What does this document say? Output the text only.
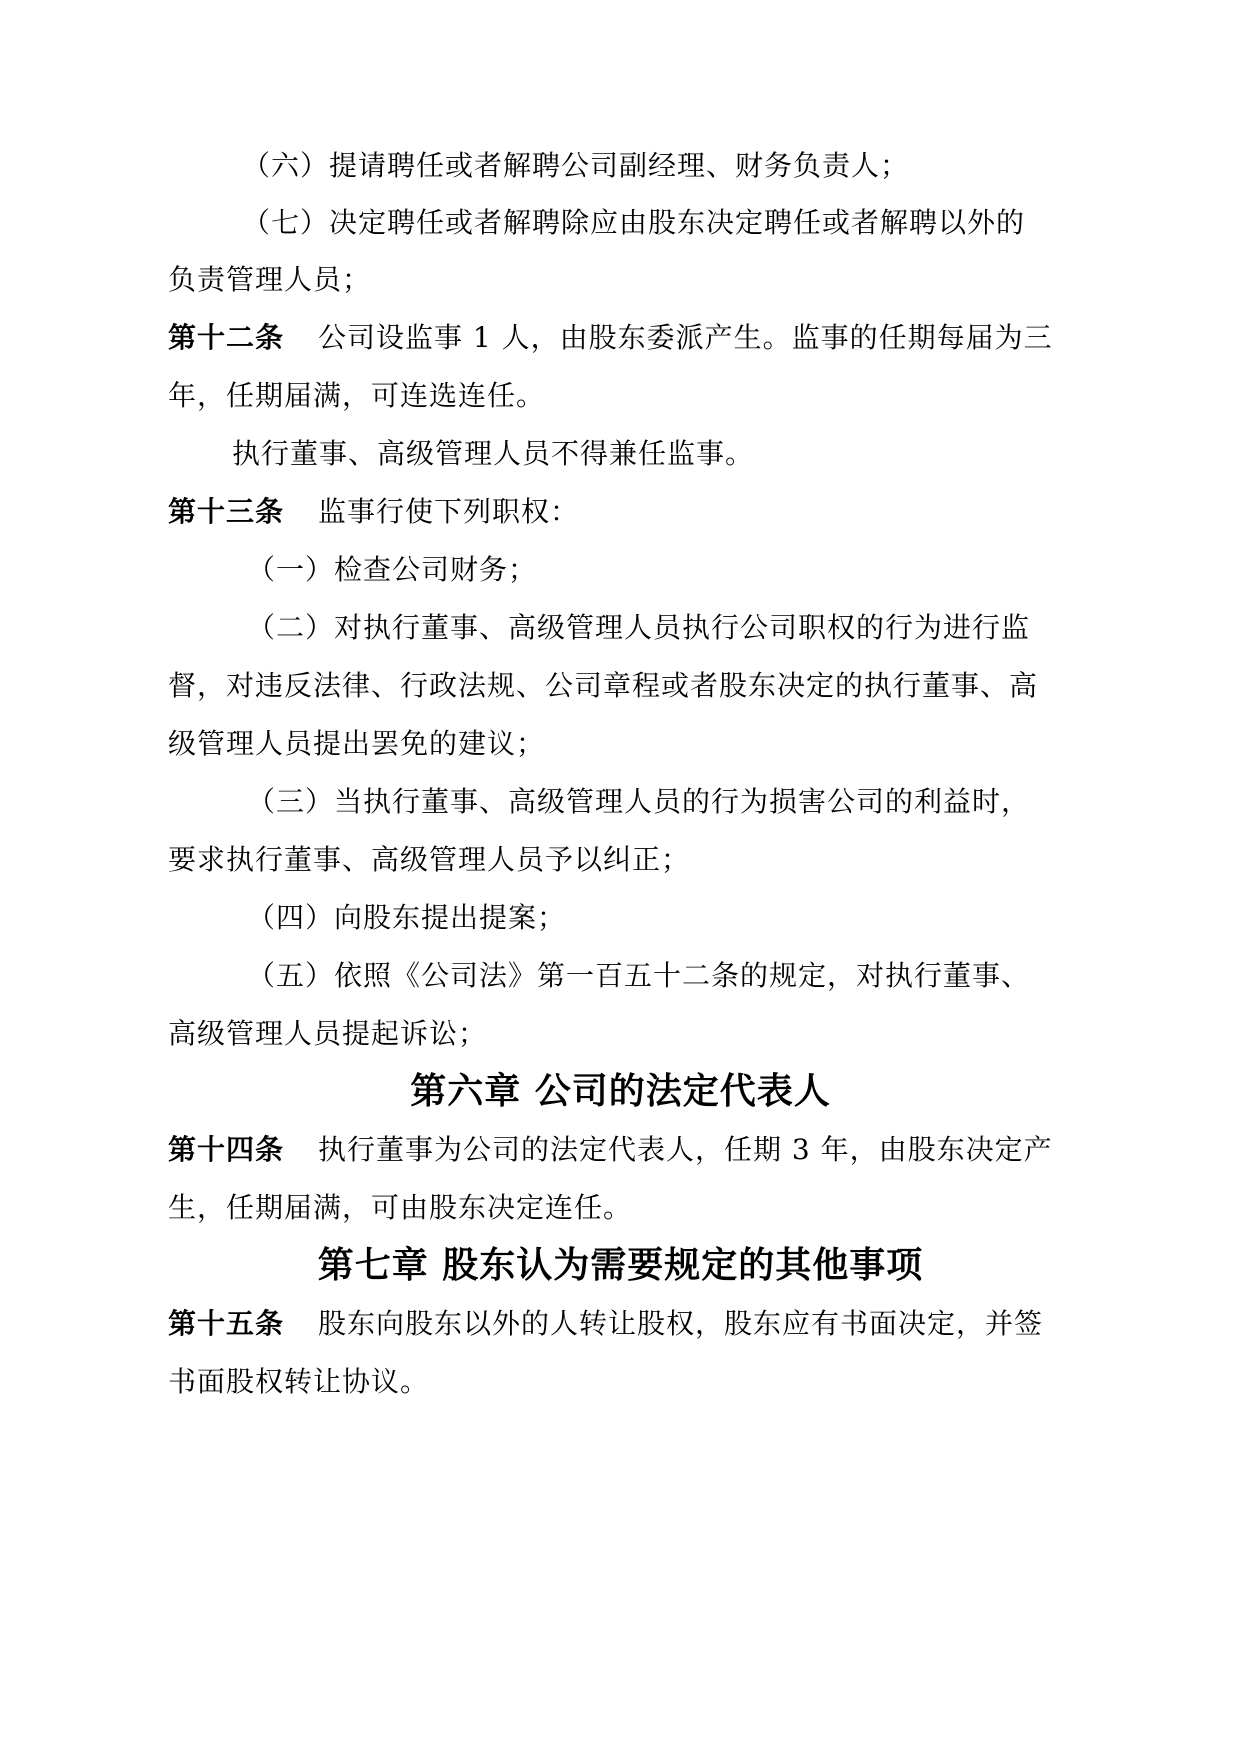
（六）提请聘任或者解聘公司副经理、财务负责人；
（七）决定聘任或者解聘除应由股东决定聘任或者解聘以外的
负责管理人员；
第十二条 公司设监事 1 人，由股东委派产生。监事的任期每届为三
年，任期届满，可连选连任。
执行董事、高级管理人员不得兼任监事。
第十三条 监事行使下列职权：
（一）检查公司财务；
（二）对执行董事、高级管理人员执行公司职权的行为进行监
督，对违反法律、行政法规、公司章程或者股东决定的执行董事、高
级管理人员提出罢免的建议；
（三）当执行董事、高级管理人员的行为损害公司的利益时，
要求执行董事、高级管理人员予以纠正；
（四）向股东提出提案；
（五）依照《公司法》第一百五十二条的规定，对执行董事、
高级管理人员提起诉讼；
第六章 公司的法定代表人
第十四条 执行董事为公司的法定代表人，任期 3 年，由股东决定产
生，任期届满，可由股东决定连任。
第七章 股东认为需要规定的其他事项
第十五条 股东向股东以外的人转让股权，股东应有书面决定，并签
书面股权转让协议。
